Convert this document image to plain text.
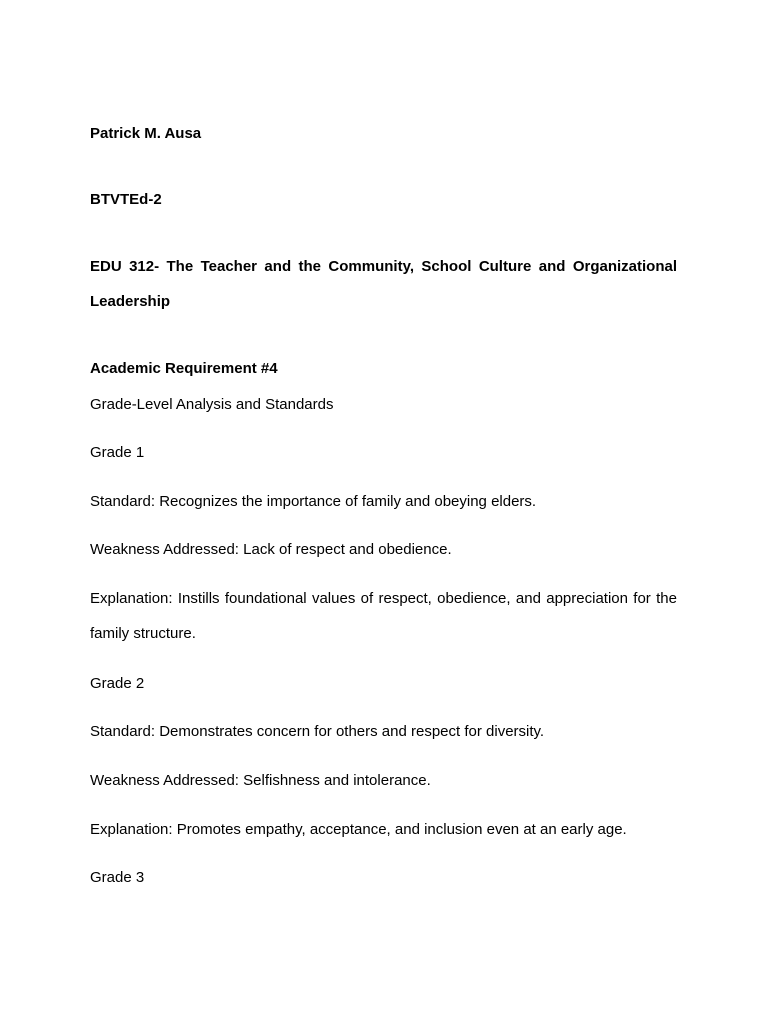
Patrick M. Ausa
BTVTEd-2
EDU 312- The Teacher and the Community, School Culture and Organizational Leadership
Academic Requirement #4
Grade-Level Analysis and Standards
Grade 1
Standard: Recognizes the importance of family and obeying elders.
Weakness Addressed: Lack of respect and obedience.
Explanation: Instills foundational values of respect, obedience, and appreciation for the family structure.
Grade 2
Standard: Demonstrates concern for others and respect for diversity.
Weakness Addressed: Selfishness and intolerance.
Explanation: Promotes empathy, acceptance, and inclusion even at an early age.
Grade 3
